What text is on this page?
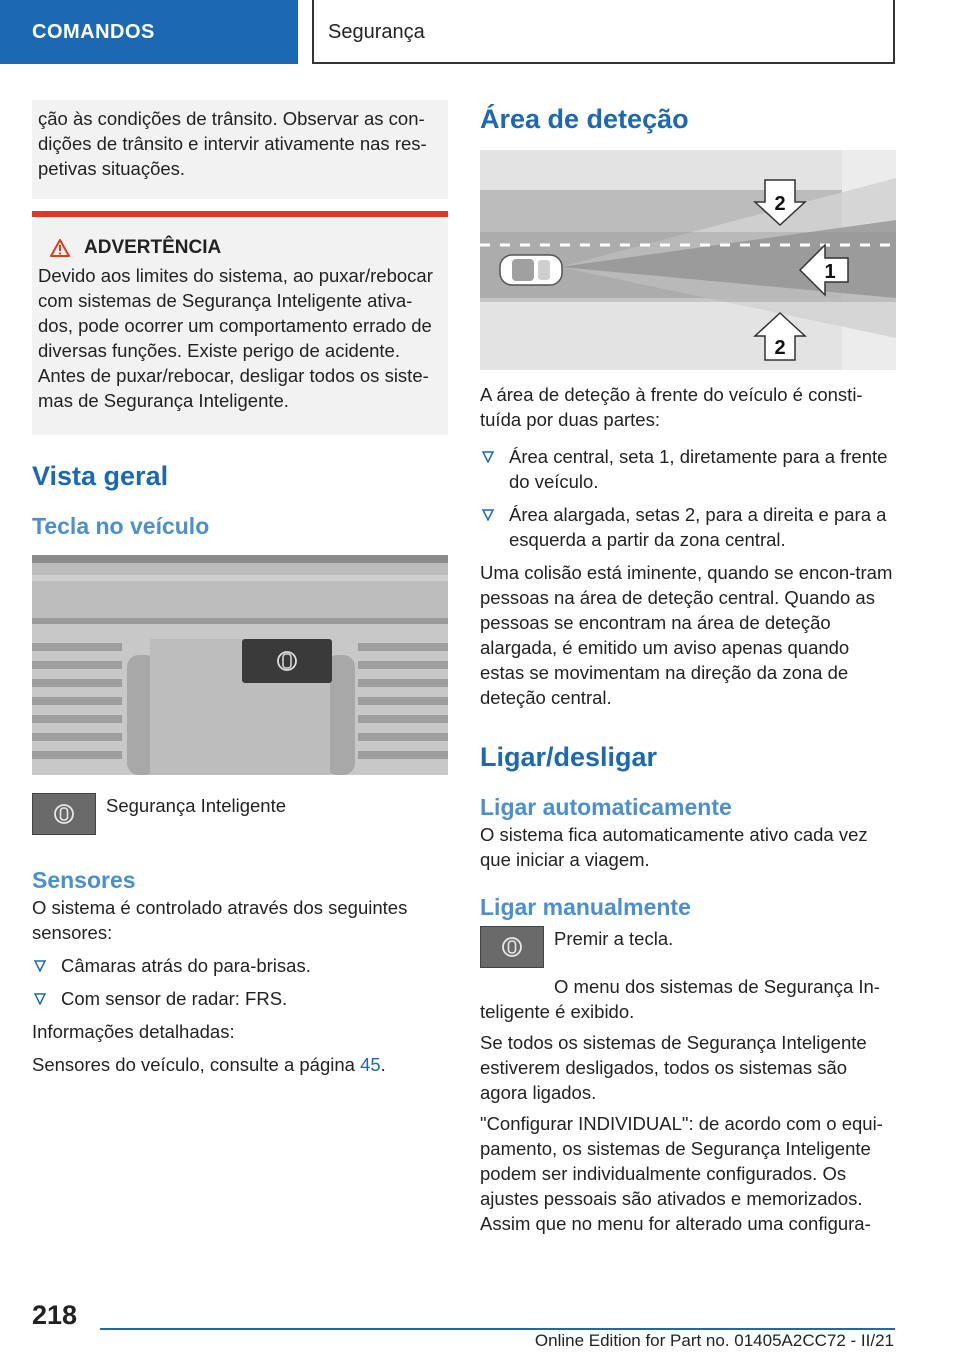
COMANDOS	Segurança

ção às condições de trânsito. Observar as con-dições de trânsito e intervir ativamente nas res-petivas situações.

ADVERTÊNCIA

Devido aos limites do sistema, ao puxar/rebocar com sistemas de Segurança Inteligente ativa-dos, pode ocorrer um comportamento errado de diversas funções. Existe perigo de acidente. Antes de puxar/rebocar, desligar todos os siste-mas de Segurança Inteligente.

Vista geral
Tecla no veículo

Segurança Inteligente

Sensores

O sistema é controlado através dos seguintes sensores:

Câmaras atrás do para-brisas.
Com sensor de radar: FRS.

Informações detalhadas:

Sensores do veículo, consulte a página 45.

Área de deteção
2
1
2

A área de deteção à frente do veículo é consti-tuída por duas partes:

Área central, seta 1, diretamente para a frente do veículo.
Área alargada, setas 2, para a direita e para a esquerda a partir da zona central.

Uma colisão está iminente, quando se encon-tram pessoas na área de deteção central. Quando as pessoas se encontram na área de deteção alargada, é emitido um aviso apenas quando estas se movimentam na direção da zona de deteção central.

Ligar/desligar
Ligar automaticamente

O sistema fica automaticamente ativo cada vez que iniciar a viagem.

Ligar manualmente

Premir a tecla.

O menu dos sistemas de Segurança In-teligente é exibido.

Se todos os sistemas de Segurança Inteligente estiverem desligados, todos os sistemas são agora ligados.

"Configurar INDIVIDUAL": de acordo com o equi-pamento, os sistemas de Segurança Inteligente podem ser individualmente configurados. Os ajustes pessoais são ativados e memorizados. Assim que no menu for alterado uma configura-

218
Online Edition for Part no. 01405A2CC72 - II/21
